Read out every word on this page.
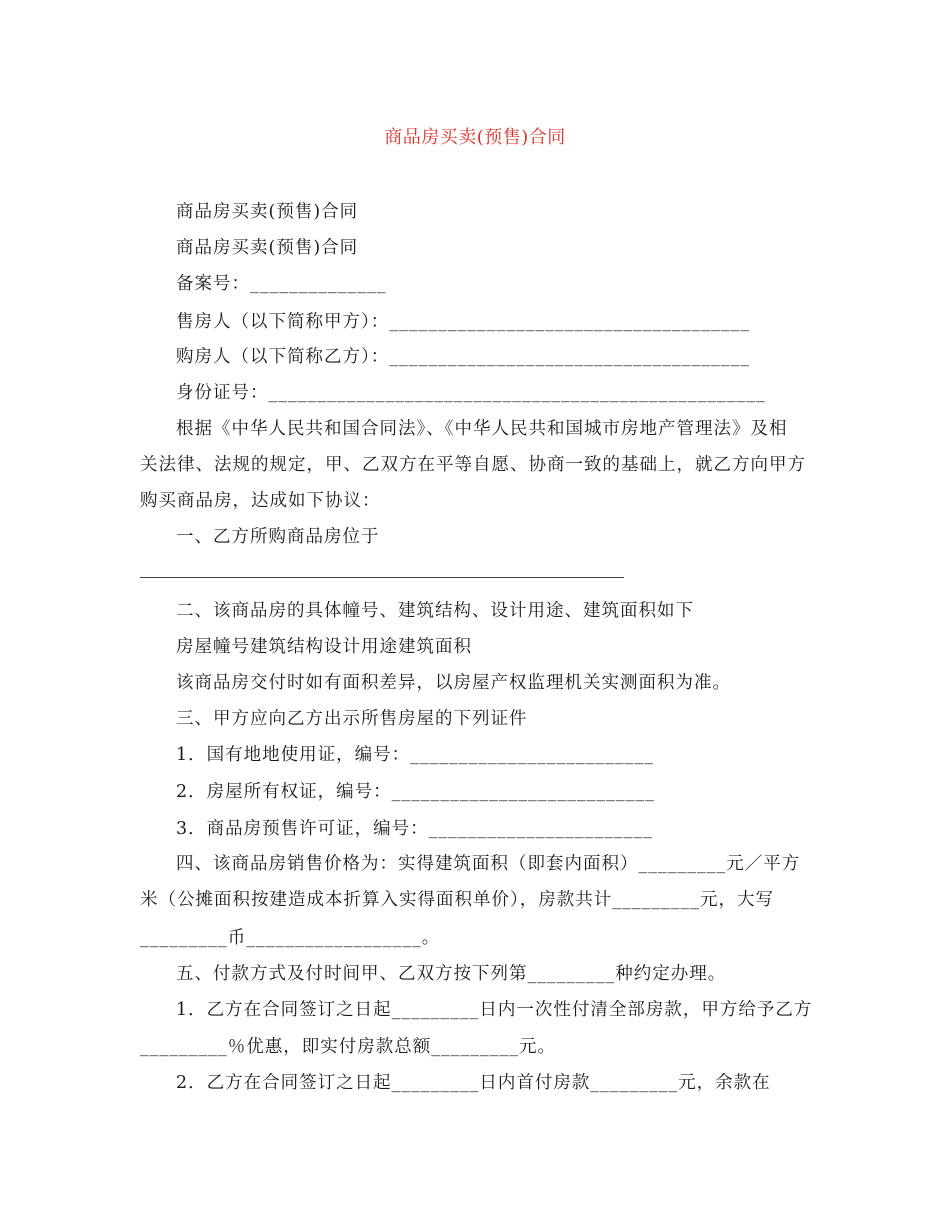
商品房买卖(预售)合同
商品房买卖(预售)合同
商品房买卖(预售)合同
备案号：______________
售房人（以下简称甲方）：_____________________________________
购房人（以下简称乙方）：_____________________________________
身份证号：___________________________________________________
根据《中华人民共和国合同法》、《中华人民共和国城市房地产管理法》及相
关法律、法规的规定，甲、乙双方在平等自愿、协商一致的基础上，就乙方向甲方
购买商品房，达成如下协议：
一、乙方所购商品房位于
二、该商品房的具体幢号、建筑结构、设计用途、建筑面积如下
房屋幢号建筑结构设计用途建筑面积
该商品房交付时如有面积差异，以房屋产权监理机关实测面积为准。
三、甲方应向乙方出示所售房屋的下列证件
1．国有地地使用证，编号：_________________________
2．房屋所有权证，编号：___________________________
3．商品房预售许可证，编号：_______________________
四、该商品房销售价格为：实得建筑面积（即套内面积）_________元／平方
米（公摊面积按建造成本折算入实得面积单价），房款共计_________元，大写
_________币__________________。
五、付款方式及付时间甲、乙双方按下列第_________种约定办理。
1．乙方在合同签订之日起_________日内一次性付清全部房款，甲方给予乙方
_________％优惠，即实付房款总额_________元。
2．乙方在合同签订之日起_________日内首付房款_________元，余款在
